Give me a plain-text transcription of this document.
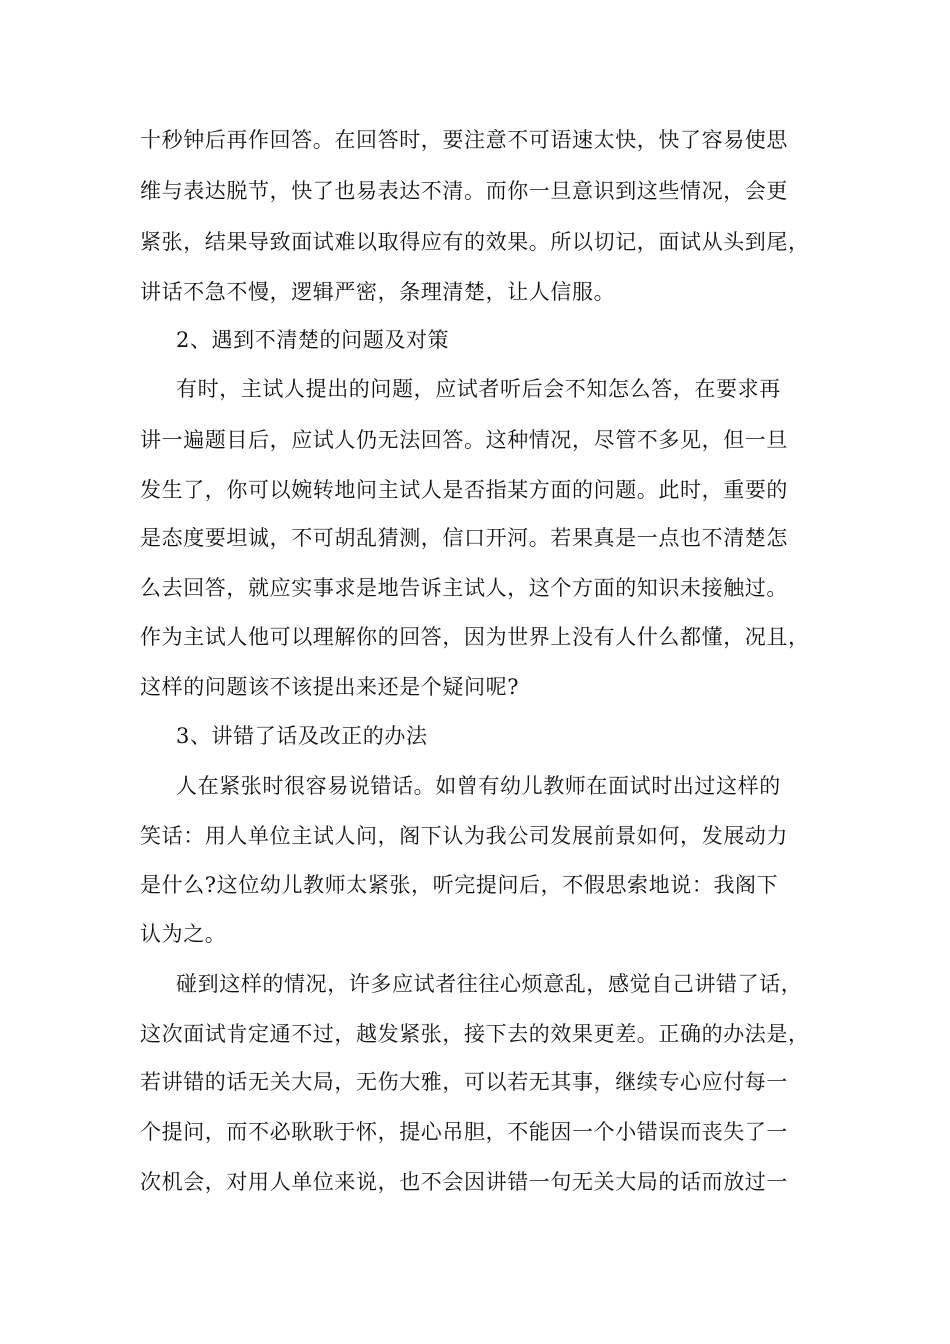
十秒钟后再作回答。在回答时，要注意不可语速太快，快了容易使思
维与表达脱节，快了也易表达不清。而你一旦意识到这些情况，会更
紧张，结果导致面试难以取得应有的效果。所以切记，面试从头到尾，
讲话不急不慢，逻辑严密，条理清楚，让人信服。
2、遇到不清楚的问题及对策
有时，主试人提出的问题，应试者听后会不知怎么答，在要求再
讲一遍题目后，应试人仍无法回答。这种情况，尽管不多见，但一旦
发生了，你可以婉转地问主试人是否指某方面的问题。此时，重要的
是态度要坦诚，不可胡乱猜测，信口开河。若果真是一点也不清楚怎
么去回答，就应实事求是地告诉主试人，这个方面的知识未接触过。
作为主试人他可以理解你的回答，因为世界上没有人什么都懂，况且，
这样的问题该不该提出来还是个疑问呢?
3、讲错了话及改正的办法
人在紧张时很容易说错话。如曾有幼儿教师在面试时出过这样的
笑话：用人单位主试人问，阁下认为我公司发展前景如何，发展动力
是什么?这位幼儿教师太紧张，听完提问后，不假思索地说：我阁下
认为之。
碰到这样的情况，许多应试者往往心烦意乱，感觉自己讲错了话，
这次面试肯定通不过，越发紧张，接下去的效果更差。正确的办法是，
若讲错的话无关大局，无伤大雅，可以若无其事，继续专心应付每一
个提问，而不必耿耿于怀，提心吊胆，不能因一个小错误而丧失了一
次机会，对用人单位来说，也不会因讲错一句无关大局的话而放过一
